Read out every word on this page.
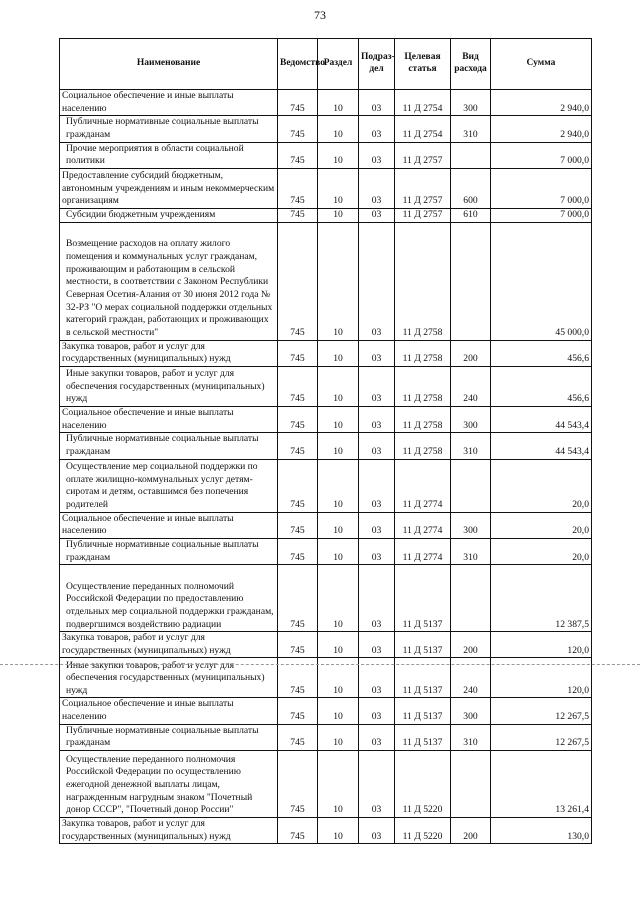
73
Наименование	Ведомство	Раздел	Подраз-дел	Целевая статья	Вид расхода	Сумма
Социальное обеспечение и иные выплаты населению	745	10	03	11 Д 2754	300	2 940,0
Публичные нормативные социальные выплаты гражданам	745	10	03	11 Д 2754	310	2 940,0
Прочие мероприятия в области социальной политики	745	10	03	11 Д 2757		7 000,0
Предоставление субсидий бюджетным, автономным учреждениям и иным некоммерческим организациям	745	10	03	11 Д 2757	600	7 000,0
Субсидии бюджетным учреждениям	745	10	03	11 Д 2757	610	7 000,0
Возмещение расходов на оплату жилого помещения и коммунальных услуг гражданам, проживающим и работающим в сельской местности, в соответствии с Законом Республики Северная Осетия-Алания от 30 июня 2012 года № 32-РЗ "О мерах социальной поддержки отдельных категорий граждан, работающих и проживающих в сельской местности"	745	10	03	11 Д 2758		45 000,0
Закупка товаров, работ и услуг для государственных (муниципальных) нужд	745	10	03	11 Д 2758	200	456,6
Иные закупки товаров, работ и услуг для обеспечения государственных (муниципальных) нужд	745	10	03	11 Д 2758	240	456,6
Социальное обеспечение и иные выплаты населению	745	10	03	11 Д 2758	300	44 543,4
Публичные нормативные социальные выплаты гражданам	745	10	03	11 Д 2758	310	44 543,4
Осуществление мер социальной поддержки по оплате жилищно-коммунальных услуг детям-сиротам и детям, оставшимся без попечения родителей	745	10	03	11 Д 2774		20,0
Социальное обеспечение и иные выплаты населению	745	10	03	11 Д 2774	300	20,0
Публичные нормативные социальные выплаты гражданам	745	10	03	11 Д 2774	310	20,0
Осуществление переданных полномочий Российской Федерации по предоставлению отдельных мер социальной поддержки гражданам, подвергшимся воздействию радиации	745	10	03	11 Д 5137		12 387,5
Закупка товаров, работ и услуг для государственных (муниципальных) нужд	745	10	03	11 Д 5137	200	120,0
Иные закупки товаров, работ и услуг для обеспечения государственных (муниципальных) нужд	745	10	03	11 Д 5137	240	120,0
Социальное обеспечение и иные выплаты населению	745	10	03	11 Д 5137	300	12 267,5
Публичные нормативные социальные выплаты гражданам	745	10	03	11 Д 5137	310	12 267,5
Осуществление переданного полномочия Российской Федерации по осуществлению ежегодной денежной выплаты лицам, награжденным нагрудным знаком "Почетный донор СССР", "Почетный донор России"	745	10	03	11 Д 5220		13 261,4
Закупка товаров, работ и услуг для государственных (муниципальных) нужд	745	10	03	11 Д 5220	200	130,0
